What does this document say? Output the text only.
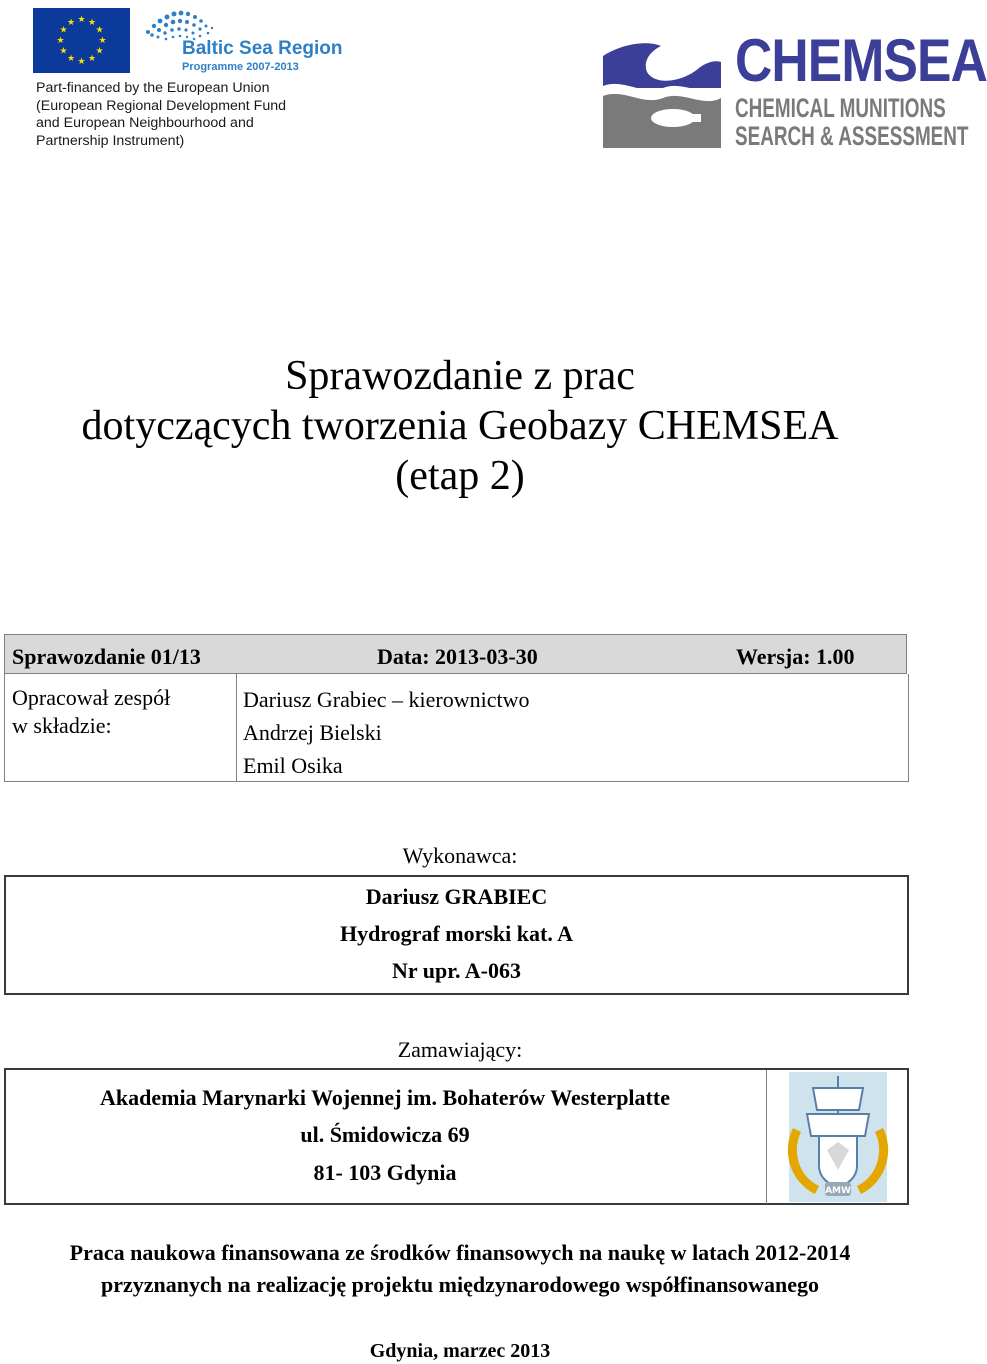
★ ★
★
★
★
★
★
★
★
★
★
★
Baltic Sea Region
Programme 2007-2013
Part-financed by the European Union
(European Regional Development Fund
and European Neighbourhood and
Partnership Instrument)
CHEMSEA
CHEMICAL MUNITIONS
SEARCH & ASSESSMENT
Sprawozdanie z prac
dotyczących tworzenia Geobazy CHEMSEA
(etap 2)
Sprawozdanie 01/13	Data: 2013-03-30	Wersja: 1.00
Opracował zespół
w składzie:
Dariusz Grabiec – kierownictwo
Andrzej Bielski
Emil Osika
Wykonawca:
Dariusz GRABIEC
Hydrograf morski kat. A
Nr upr. A-063
Zamawiający:
Akademia Marynarki Wojennej im. Bohaterów Westerplatte
ul. Śmidowicza 69
81- 103 Gdynia
AMW
Praca naukowa finansowana ze środków finansowych na naukę w latach 2012-2014
przyznanych na realizację projektu międzynarodowego współfinansowanego
Gdynia, marzec 2013
